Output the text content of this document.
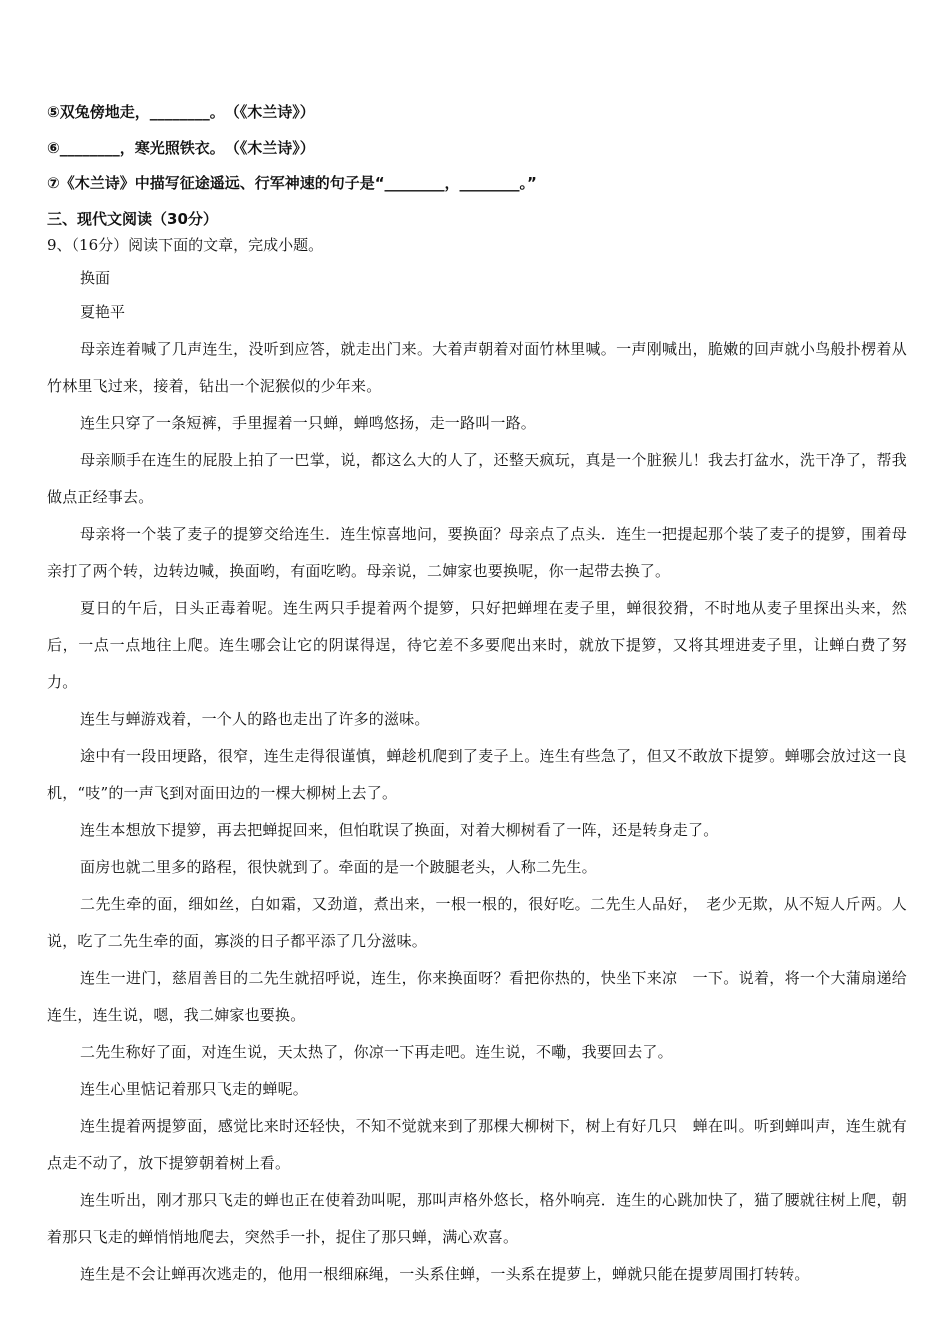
⑤双兔傍地走，________。　（《木兰诗》）
⑥________，寒光照铁衣。　（《木兰诗》）
⑦《木兰诗》中描写征途遥远、行军神速的句子是“________，________。”
三、现代文阅读（30分）
9、（16分）阅读下面的文章，完成小题。
换面
夏艳平

母亲连着喊了几声连生，没听到应答，就走出门来。大着声朝着对面竹林里喊。一声刚喊出，脆嫩的回声就小鸟般扑楞着从竹林里飞过来，接着，钻出一个泥猴似的少年来。

连生只穿了一条短裤，手里握着一只蝉，蝉鸣悠扬，走一路叫一路。

母亲顺手在连生的屁股上拍了一巴掌，说，都这么大的人了，还整天疯玩，真是一个脏猴儿！我去打盆水，洗干净了，帮我做点正经事去。

母亲将一个装了麦子的提箩交给连生．连生惊喜地问，要换面？母亲点了点头．连生一把提起那个装了麦子的提箩，围着母亲打了两个转，边转边喊，换面哟，有面吃哟。母亲说，二婶家也要换呢，你一起带去换了。

夏日的午后，日头正毒着呢。连生两只手提着两个提箩，只好把蝉埋在麦子里，蝉很狡猾，不时地从麦子里探出头来，然后，一点一点地往上爬。连生哪会让它的阴谋得逞，待它差不多要爬出来时，就放下提箩，又将其埋进麦子里，让蝉白费了努力。

连生与蝉游戏着，一个人的路也走出了许多的滋味。

途中有一段田埂路，很窄，连生走得很谨慎，蝉趁机爬到了麦子上。连生有些急了，但又不敢放下提箩。蝉哪会放过这一良机，“吱”的一声飞到对面田边的一棵大柳树上去了。

连生本想放下提箩，再去把蝉捉回来，但怕耽误了换面，对着大柳树看了一阵，还是转身走了。

面房也就二里多的路程，很快就到了。牵面的是一个跛腿老头，人称二先生。

二先生牵的面，细如丝，白如霜，又劲道，煮出来，一根一根的，很好吃。二先生人品好，　老少无欺，从不短人斤两。人说，吃了二先生牵的面，寡淡的日子都平添了几分滋味。

连生一进门，慈眉善目的二先生就招呼说，连生，你来换面呀？看把你热的，快坐下来凉　一下。说着，将一个大蒲扇递给连生，连生说，嗯，我二婶家也要换。

二先生称好了面，对连生说，天太热了，你凉一下再走吧。连生说，不嘞，我要回去了。

连生心里惦记着那只飞走的蝉呢。

连生提着两提箩面，感觉比来时还轻快，不知不觉就来到了那棵大柳树下，树上有好几只　蝉在叫。听到蝉叫声，连生就有点走不动了，放下提箩朝着树上看。

连生听出，刚才那只飞走的蝉也正在使着劲叫呢，那叫声格外悠长，格外响亮．连生的心跳加快了，猫了腰就往树上爬，朝着那只飞走的蝉悄悄地爬去，突然手一扑，捉住了那只蝉，满心欢喜。

连生是不会让蝉再次逃走的，他用一根细麻绳，一头系住蝉，一头系在提萝上，蝉就只能在提萝周围打转转。
